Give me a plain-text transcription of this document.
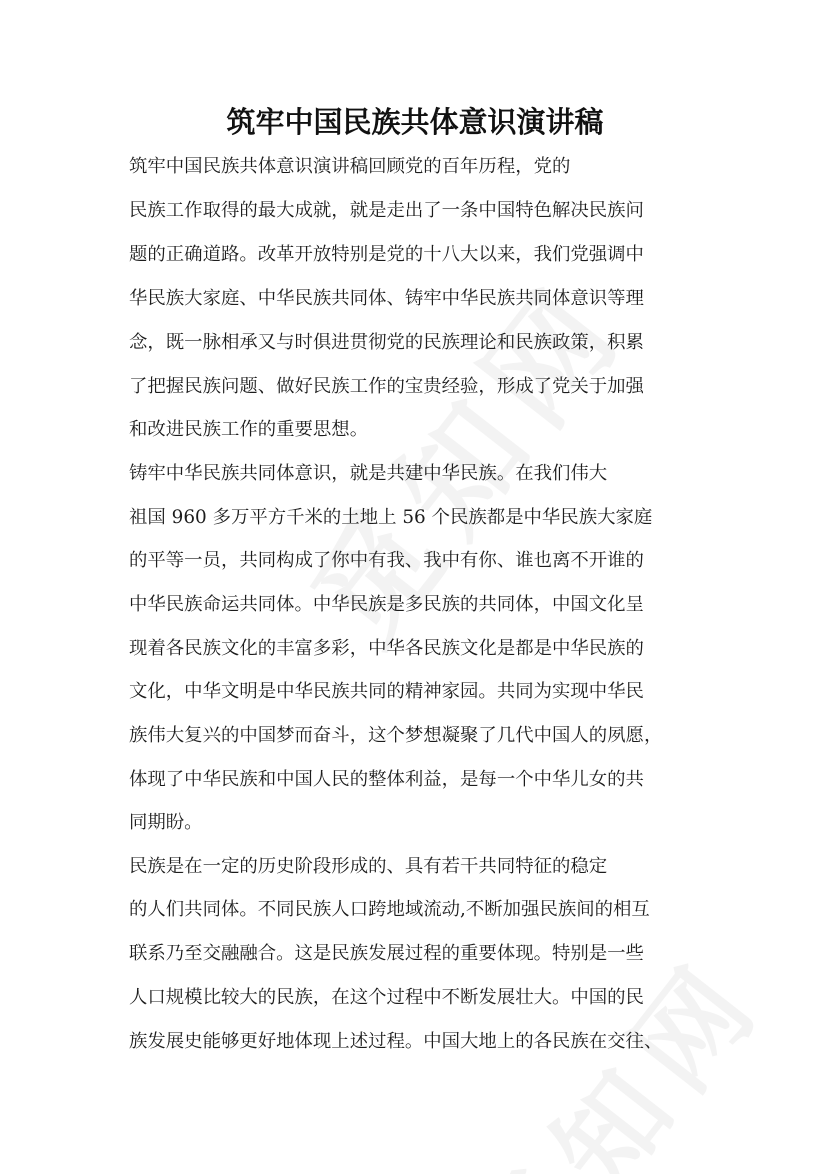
筑牢中国民族共体意识演讲稿
筑牢中国民族共体意识演讲稿回顾党的百年历程，党的
民族工作取得的最大成就，就是走出了一条中国特色解决民族问
题的正确道路。改革开放特别是党的十八大以来，我们党强调中
华民族大家庭、中华民族共同体、铸牢中华民族共同体意识等理
念，既一脉相承又与时俱进贯彻党的民族理论和民族政策，积累
了把握民族问题、做好民族工作的宝贵经验，形成了党关于加强
和改进民族工作的重要思想。
铸牢中华民族共同体意识，就是共建中华民族。在我们伟大
祖国 960 多万平方千米的土地上 56 个民族都是中华民族大家庭
的平等一员，共同构成了你中有我、我中有你、谁也离不开谁的
中华民族命运共同体。中华民族是多民族的共同体，中国文化呈
现着各民族文化的丰富多彩，中华各民族文化是都是中华民族的
文化，中华文明是中华民族共同的精神家园。共同为实现中华民
族伟大复兴的中国梦而奋斗，这个梦想凝聚了几代中国人的夙愿，
体现了中华民族和中国人民的整体利益，是每一个中华儿女的共
同期盼。
民族是在一定的历史阶段形成的、具有若干共同特征的稳定
的人们共同体。不同民族人口跨地域流动,不断加强民族间的相互
联系乃至交融融合。这是民族发展过程的重要体现。特别是一些
人口规模比较大的民族，在这个过程中不断发展壮大。中国的民
族发展史能够更好地体现上述过程。中国大地上的各民族在交往、
